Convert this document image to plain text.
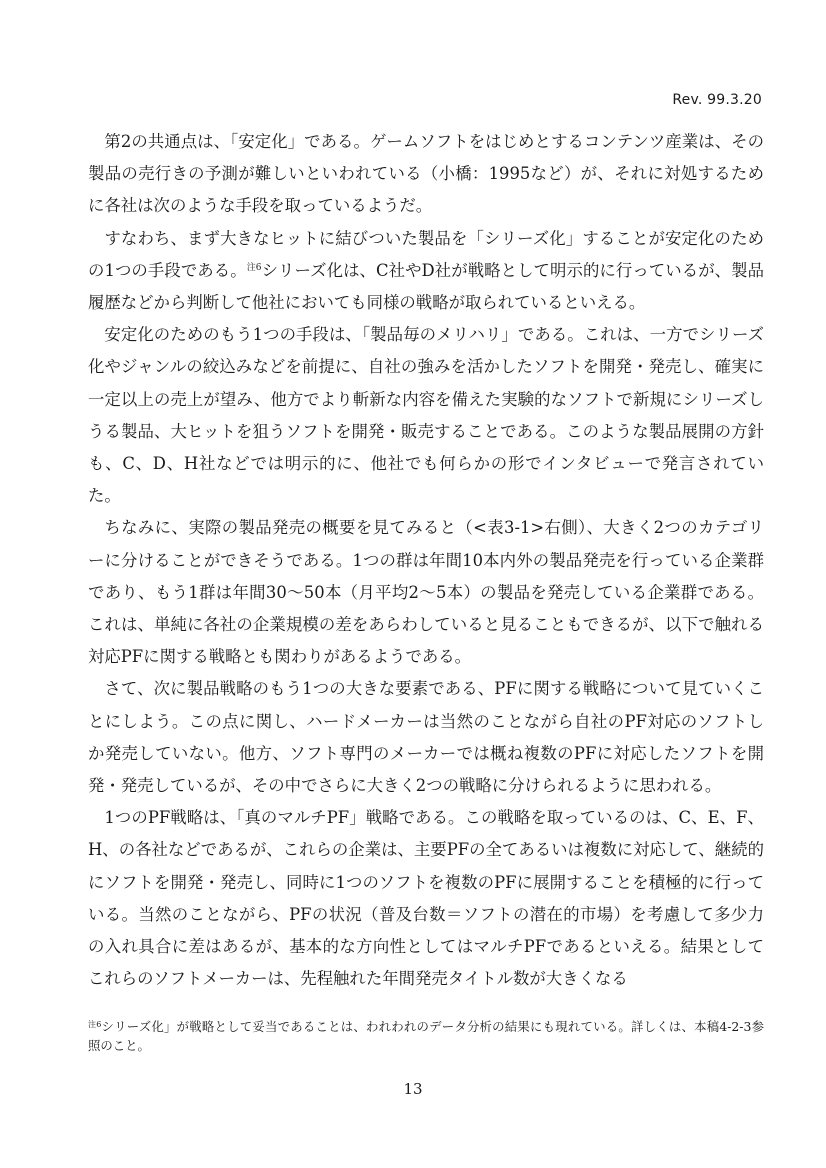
Rev. 99.3.20

第2の共通点は、「安定化」である。ゲームソフトをはじめとするコンテンツ産業は、その製品の売行きの予測が難しいといわれている（小橋：1995など）が、それに対処するために各社は次のような手段を取っているようだ。

すなわち、まず大きなヒットに結びついた製品を「シリーズ化」することが安定化のための1つの手段である。$^{注6}$シリーズ化は、C社やD社が戦略として明示的に行っているが、製品履歴などから判断して他社においても同様の戦略が取られているといえる。

安定化のためのもう1つの手段は、「製品毎のメリハリ」である。これは、一方でシリーズ化やジャンルの絞込みなどを前提に、自社の強みを活かしたソフトを開発・発売し、確実に一定以上の売上が望み、他方でより斬新な内容を備えた実験的なソフトで新規にシリーズしうる製品、大ヒットを狙うソフトを開発・販売することである。このような製品展開の方針も、C、D、H社などでは明示的に、他社でも何らかの形でインタビューで発言されていた。

ちなみに、実際の製品発売の概要を見てみると（<表3-1>右側）、大きく2つのカテゴリーに分けることができそうである。1つの群は年間10本内外の製品発売を行っている企業群であり、もう1群は年間30～50本（月平均2～5本）の製品を発売している企業群である。これは、単純に各社の企業規模の差をあらわしていると見ることもできるが、以下で触れる対応PFに関する戦略とも関わりがあるようである。

さて、次に製品戦略のもう1つの大きな要素である、PFに関する戦略について見ていくことにしよう。この点に関し、ハードメーカーは当然のことながら自社のPF対応のソフトしか発売していない。他方、ソフト専門のメーカーでは概ね複数のPFに対応したソフトを開発・発売しているが、その中でさらに大きく2つの戦略に分けられるように思われる。

1つのPF戦略は、「真のマルチPF」戦略である。この戦略を取っているのは、C、E、F、H、の各社などであるが、これらの企業は、主要PFの全てあるいは複数に対応して、継続的にソフトを開発・発売し、同時に1つのソフトを複数のPFに展開することを積極的に行っている。当然のことながら、PFの状況（普及台数＝ソフトの潜在的市場）を考慮して多少力の入れ具合に差はあるが、基本的な方向性としてはマルチPFであるといえる。結果としてこれらのソフトメーカーは、先程触れた年間発売タイトル数が大きくなる

$^{注6}$シリーズ化」が戦略として妥当であることは、われわれのデータ分析の結果にも現れている。詳しくは、本稿4-2-3参照のこと。
13
